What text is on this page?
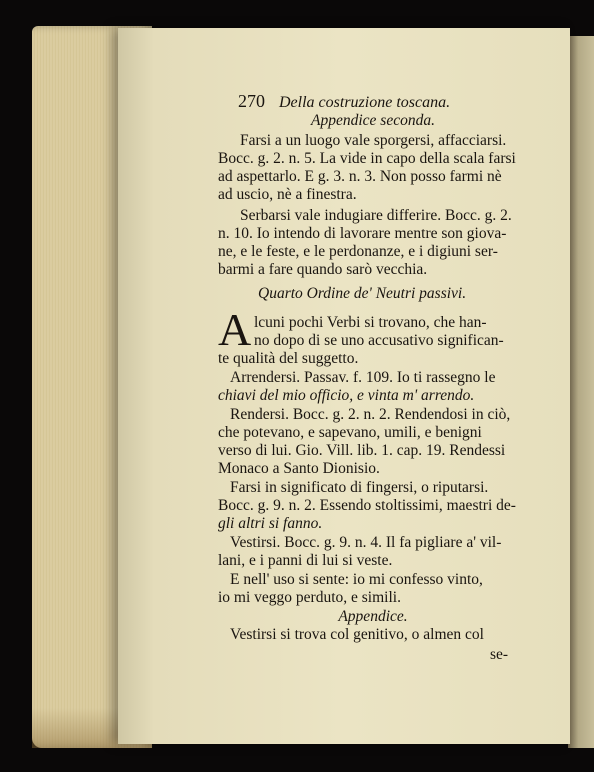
270 Della costruzione toscana.
Appendice seconda.
Farsi a un luogo vale sporgersi, affacciarsi.
Bocc. g. 2. n. 5. La vide in capo della scala farsi
ad aspettarlo. E g. 3. n. 3. Non posso farmi nè
ad uscio, nè a finestra.
Serbarsi vale indugiare differire. Bocc. g. 2.
n. 10. Io intendo di lavorare mentre son giova-
ne, e le feste, e le perdonanze, e i digiuni ser-
barmi a fare quando sarò vecchia.
Quarto Ordine de' Neutri passivi.
A lcuni pochi Verbi si trovano, che han-
no dopo di se uno accusativo significan-
te qualità del suggetto.
Arrendersi. Passav. f. 109. Io ti rassegno le
chiavi del mio officio, e vinta m' arrendo.
Rendersi. Bocc. g. 2. n. 2. Rendendosi in ciò,
che potevano, e sapevano, umili, e benigni
verso di lui. Gio. Vill. lib. 1. cap. 19. Rendessi
Monaco a Santo Dionisio.
Farsi in significato di fingersi, o riputarsi.
Bocc. g. 9. n. 2. Essendo stoltissimi, maestri de-
gli altri si fanno.
Vestirsi. Bocc. g. 9. n. 4. Il fa pigliare a' vil-
lani, e i panni di lui si veste.
E nell' uso si sente: io mi confesso vinto,
io mi veggo perduto, e simili.
Appendice.
Vestirsi si trova col genitivo, o almen col
se-
